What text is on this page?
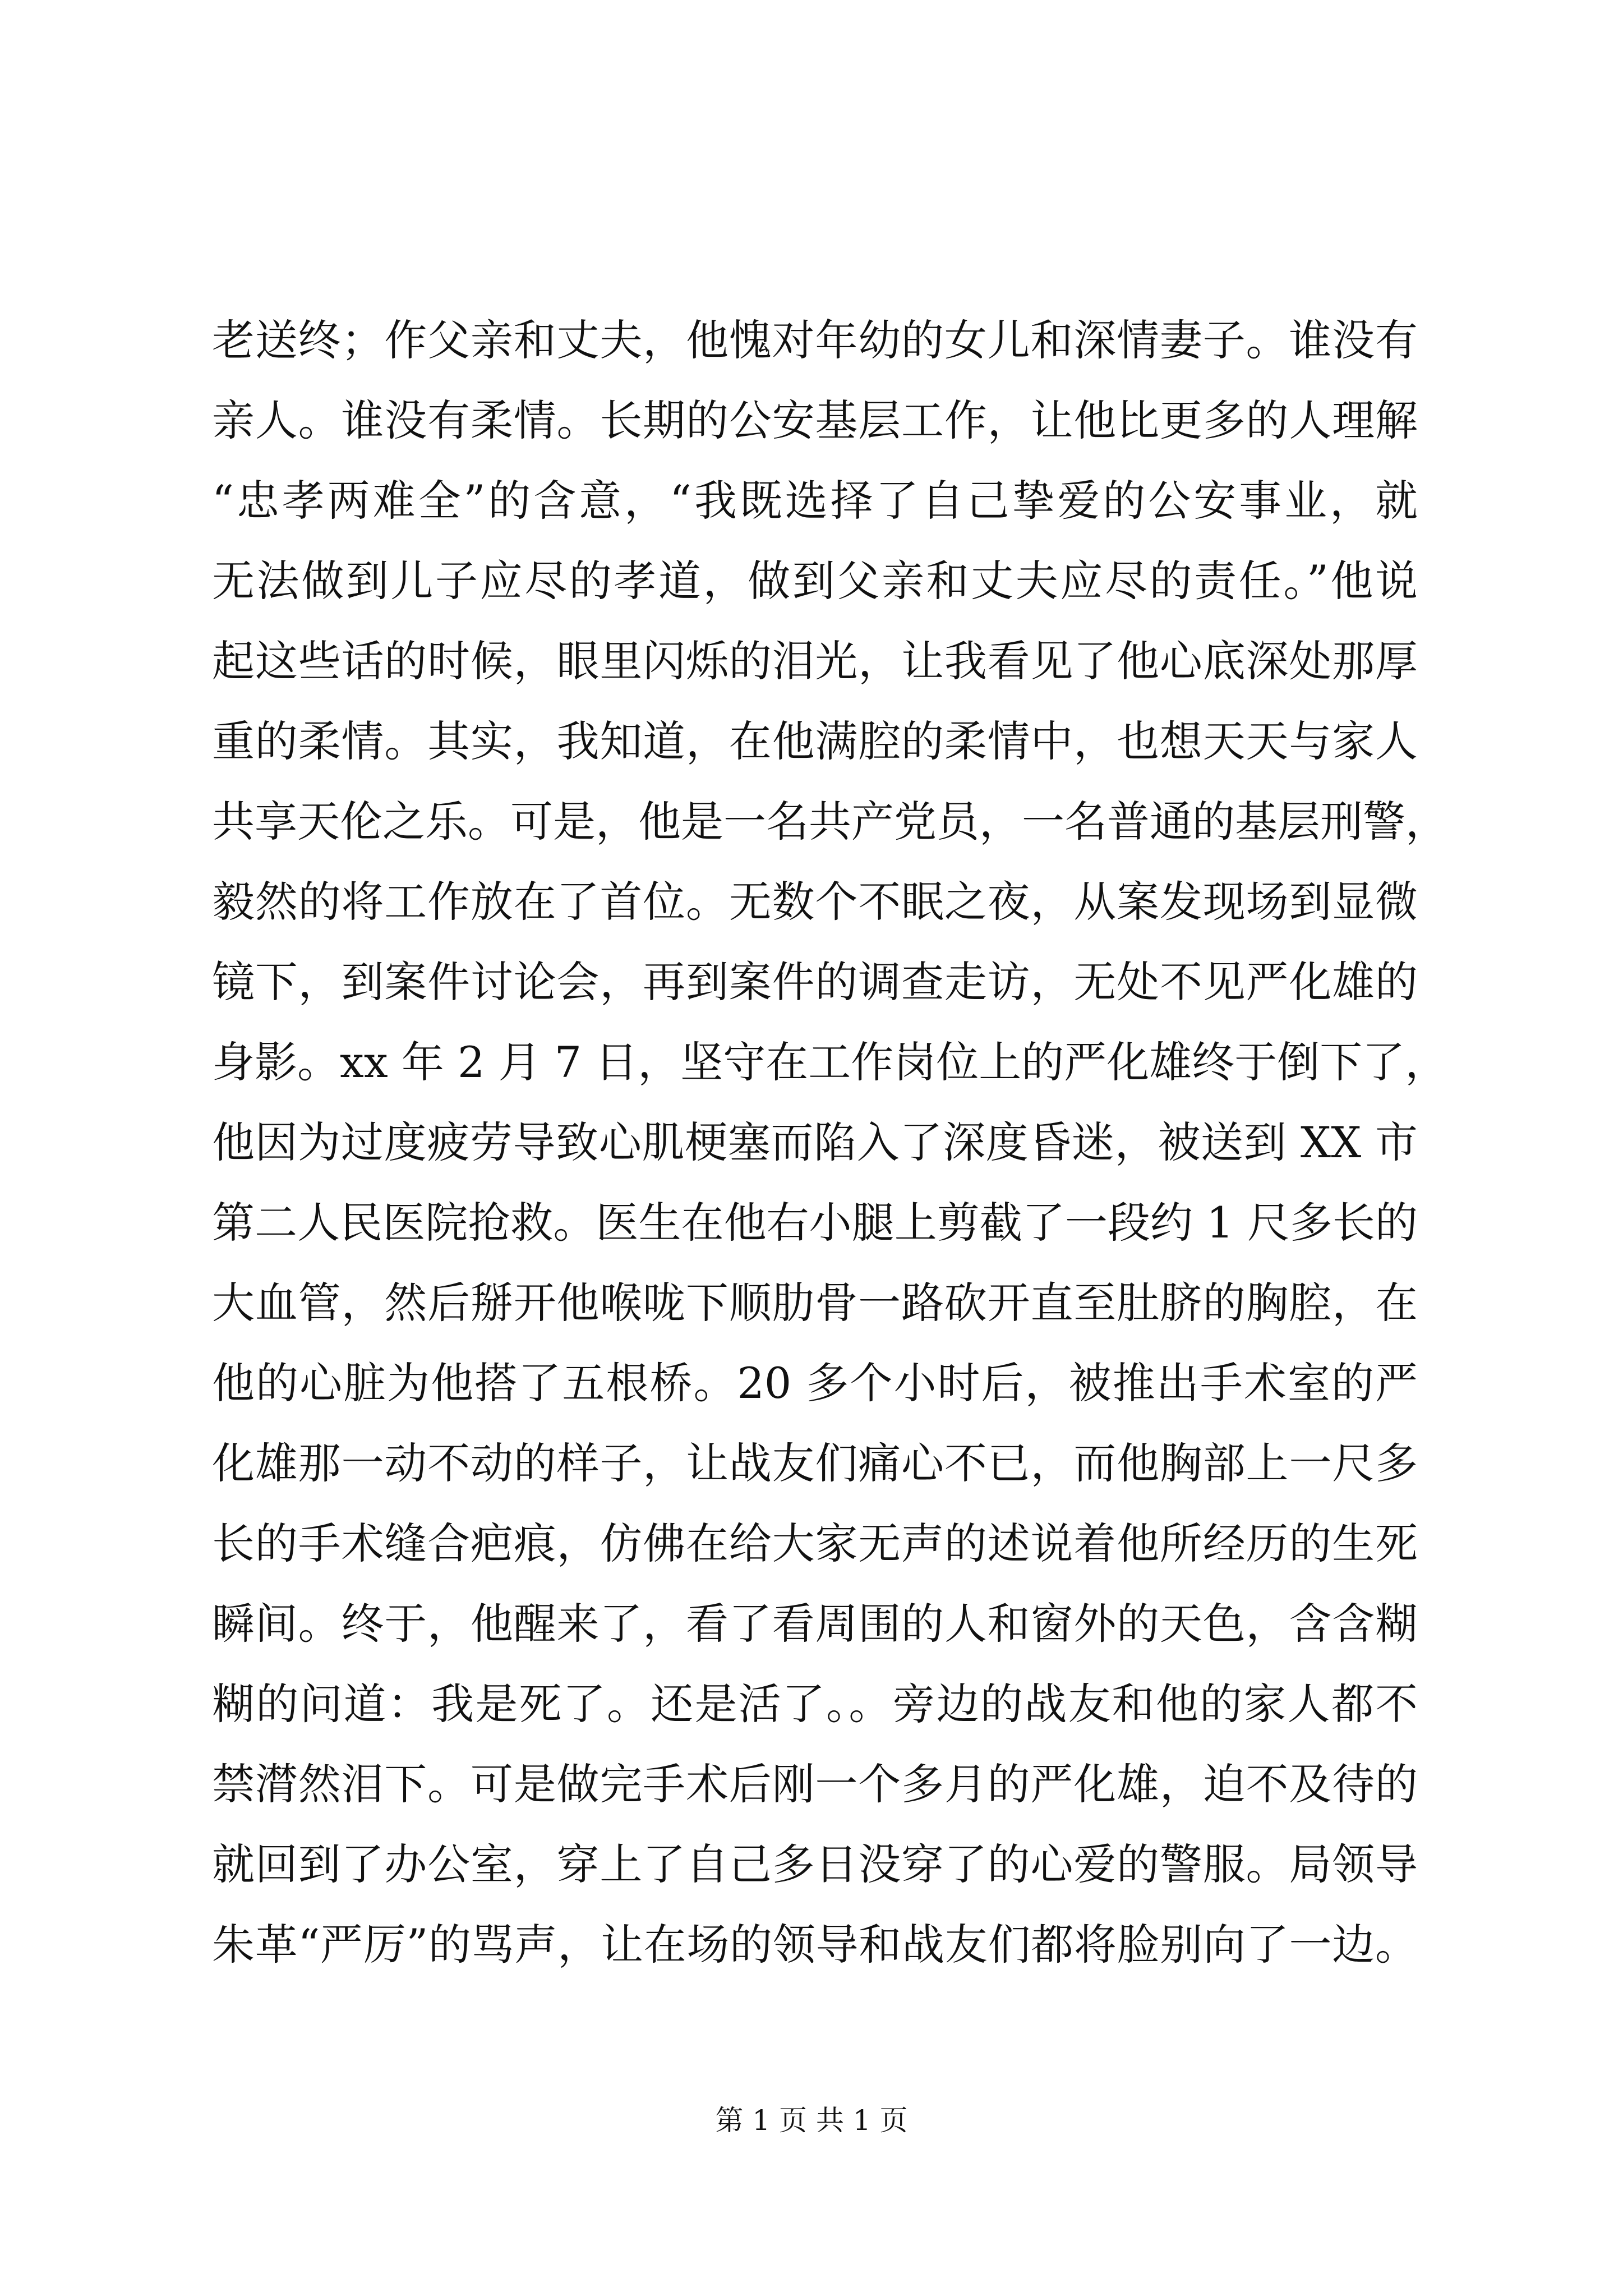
老送终；作父亲和丈夫，他愧对年幼的女儿和深情妻子。谁没有
亲人。谁没有柔情。长期的公安基层工作，让他比更多的人理解
“忠孝两难全”的含意，“我既选择了自己挚爱的公安事业，就
无法做到儿子应尽的孝道，做到父亲和丈夫应尽的责任。”他说
起这些话的时候，眼里闪烁的泪光，让我看见了他心底深处那厚
重的柔情。其实，我知道，在他满腔的柔情中，也想天天与家人
共享天伦之乐。可是，他是一名共产党员，一名普通的基层刑警，
毅然的将工作放在了首位。无数个不眠之夜，从案发现场到显微
镜下，到案件讨论会，再到案件的调查走访，无处不见严化雄的
身影。xx 年 2 月 7 日，坚守在工作岗位上的严化雄终于倒下了，
他因为过度疲劳导致心肌梗塞而陷入了深度昏迷，被送到 XX 市
第二人民医院抢救。医生在他右小腿上剪截了一段约 1 尺多长的
大血管，然后掰开他喉咙下顺肋骨一路砍开直至肚脐的胸腔，在
他的心脏为他搭了五根桥。20 多个小时后，被推出手术室的严
化雄那一动不动的样子，让战友们痛心不已，而他胸部上一尺多
长的手术缝合疤痕，仿佛在给大家无声的述说着他所经历的生死
瞬间。终于，他醒来了，看了看周围的人和窗外的天色，含含糊
糊的问道：我是死了。还是活了。。旁边的战友和他的家人都不
禁潸然泪下。可是做完手术后刚一个多月的严化雄，迫不及待的
就回到了办公室，穿上了自己多日没穿了的心爱的警服。局领导
朱革“严厉”的骂声，让在场的领导和战友们都将脸别向了一边。
第 1 页 共 1 页
